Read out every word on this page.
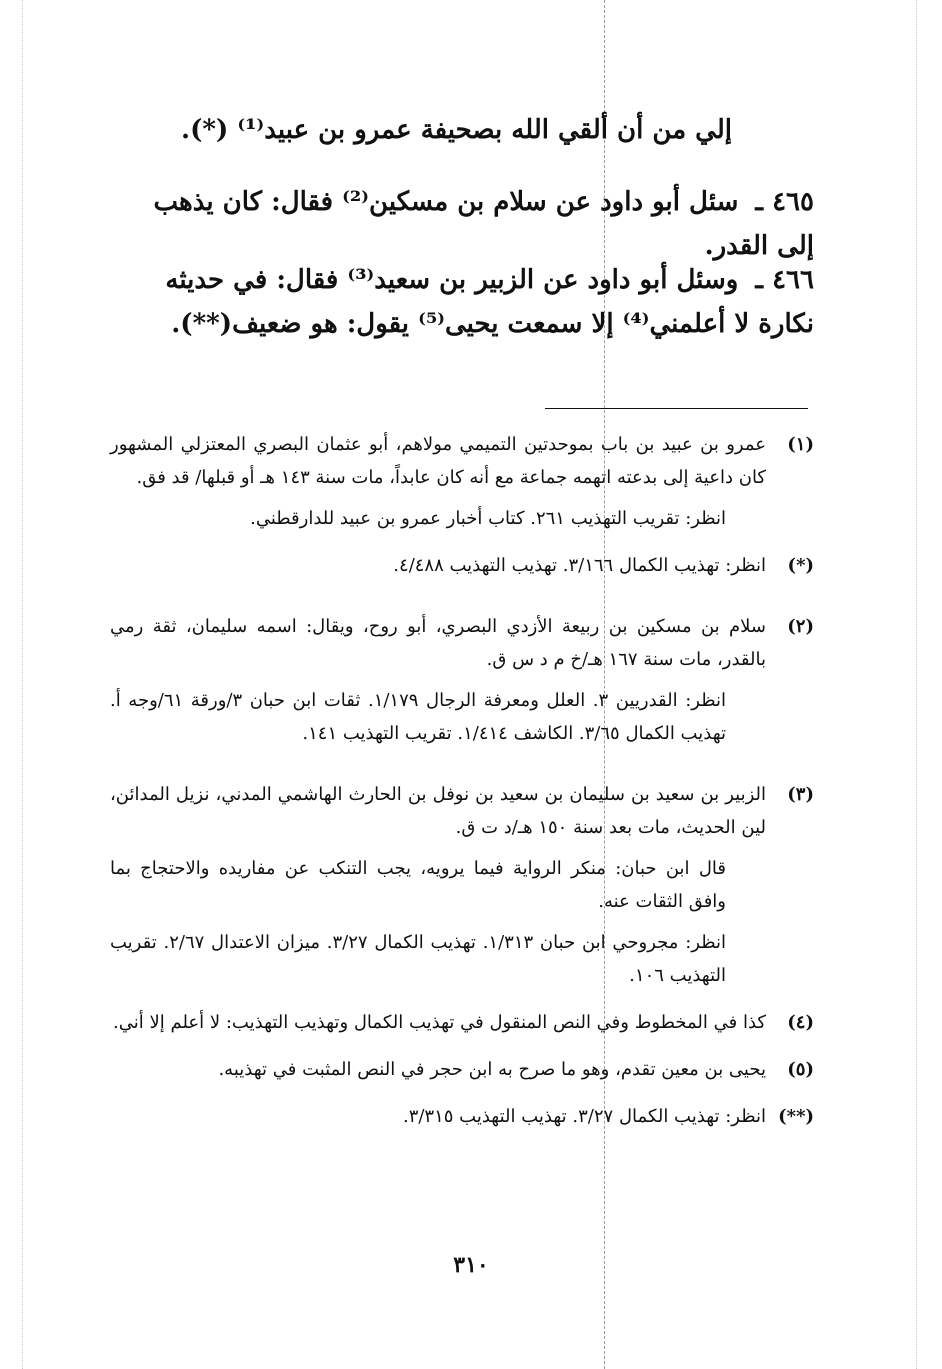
إلي من أن ألقي الله بصحيفة عمرو بن عبيد⁽¹⁾ (*).
٤٦٥ ـ سئل أبو داود عن سلام بن مسكين⁽²⁾ فقال: كان يذهب إلى القدر.
٤٦٦ ـ وسئل أبو داود عن الزبير بن سعيد⁽³⁾ فقال: في حديثه نكارة لا أعلمني⁽⁴⁾ إلا سمعت يحيى⁽⁵⁾ يقول: هو ضعيف(**).
(١)

عمرو بن عبيد بن باب بموحدتين التميمي مولاهم، أبو عثمان البصري المعتزلي المشهور كان داعية إلى بدعته اتهمه جماعة مع أنه كان عابداً، مات سنة ١٤٣ هـ أو قبلها/ قد فق.

انظر: تقريب التهذيب ٢٦١. كتاب أخبار عمرو بن عبيد للدارقطني.

(*)

انظر: تهذيب الكمال ٣/١٦٦. تهذيب التهذيب ٤/٤٨٨.

(٢)

سلام بن مسكين بن ربيعة الأزدي البصري، أبو روح، ويقال: اسمه سليمان، ثقة رمي بالقدر، مات سنة ١٦٧ هـ/خ م د س ق.

انظر: القدريين ٣. العلل ومعرفة الرجال ١/١٧٩. ثقات ابن حبان ٣/ورقة ٦١/وجه أ. تهذيب الكمال ٣/٦٥. الكاشف ١/٤١٤. تقريب التهذيب ١٤١.

(٣)

الزبير بن سعيد بن سليمان بن سعيد بن نوفل بن الحارث الهاشمي المدني، نزيل المدائن، لين الحديث، مات بعد سنة ١٥٠ هـ/د ت ق.

قال ابن حبان: منكر الرواية فيما يرويه، يجب التنكب عن مفاريده والاحتجاج بما وافق الثقات عنه.

انظر: مجروحي ابن حبان ١/٣١٣. تهذيب الكمال ٣/٢٧. ميزان الاعتدال ٢/٦٧. تقريب التهذيب ١٠٦.

(٤)

كذا في المخطوط وفي النص المنقول في تهذيب الكمال وتهذيب التهذيب: لا أعلم إلا أني.

(٥)

يحيى بن معين تقدم، وهو ما صرح به ابن حجر في النص المثبت في تهذيبه.

(**)

انظر: تهذيب الكمال ٣/٢٧. تهذيب التهذيب ٣/٣١٥.

٣١٠
